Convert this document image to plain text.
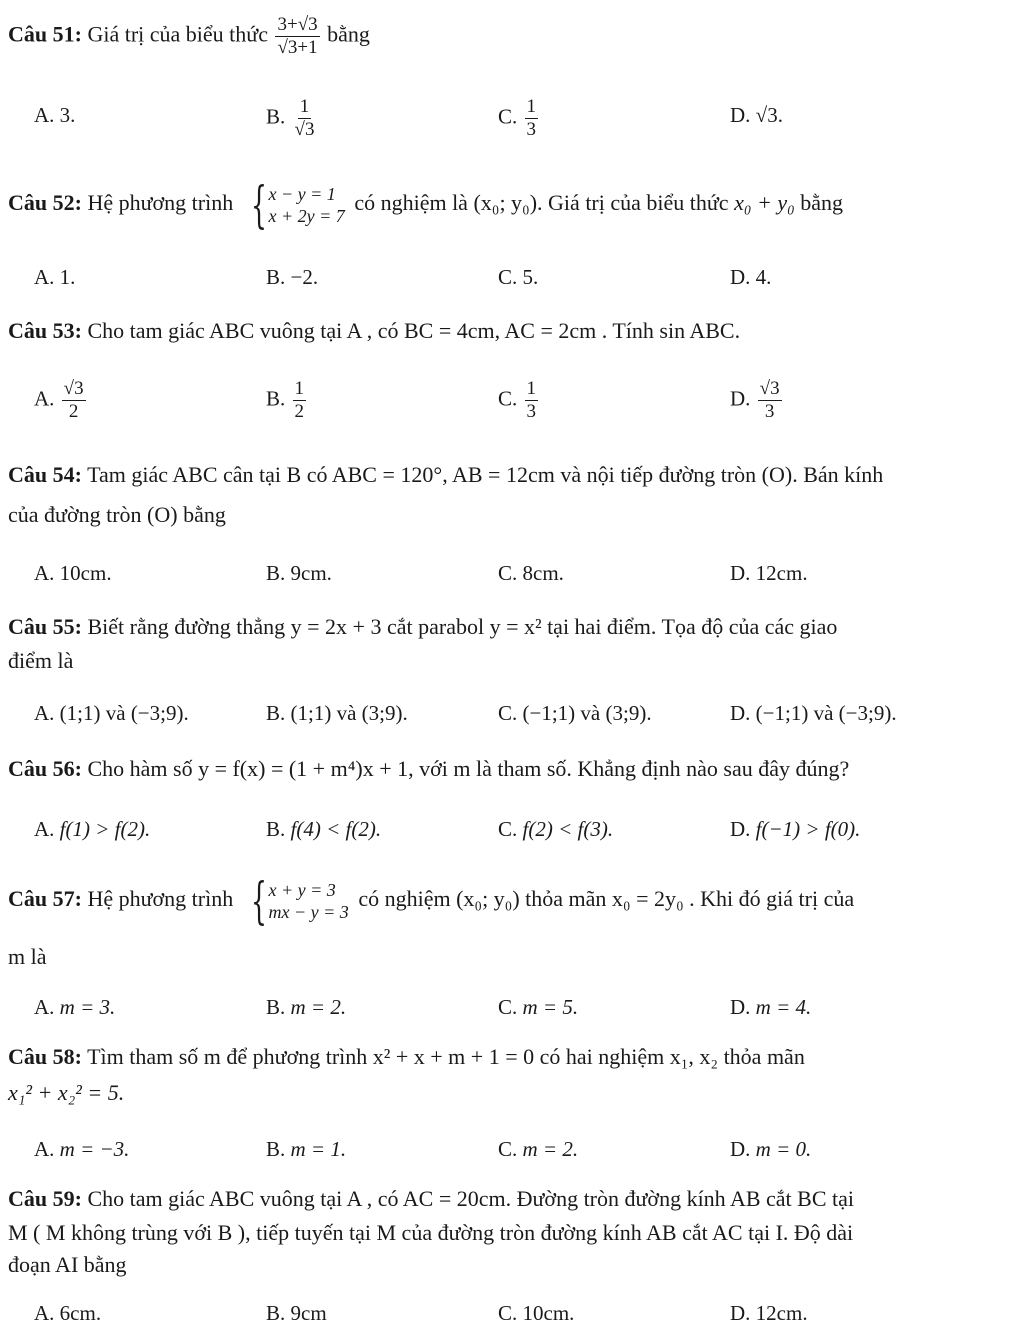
Câu 51: Giá trị của biểu thức $\frac{3+√3}{√3+1}$ bằng
A. 3.	B. $\frac{1}{√3}$	C. $\frac{1}{3}$	D. √3.
Câu 52: Hệ phương trình { x − y = 1
x + 2y = 7
có nghiệm là (x₀; y₀). Giá trị của biểu thức x₀ + y₀ bằng
A. 1.	B. −2.	C. 5.	D. 4.
Câu 53: Cho tam giác ABC vuông tại A , có BC = 4cm, AC = 2cm . Tính sin ABC.
A. $\frac{√3}{2}$	B. $\frac{1}{2}$	C. $\frac{1}{3}$	D. $\frac{√3}{3}$
Câu 54: Tam giác ABC cân tại B có ABC = 120°, AB = 12cm và nội tiếp đường tròn (O). Bán kính
của đường tròn (O) bằng
A. 10cm.	B. 9cm.	C. 8cm.	D. 12cm.
Câu 55: Biết rằng đường thẳng y = 2x + 3 cắt parabol y = x² tại hai điểm. Tọa độ của các giao
điểm là
A. (1;1) và (−3;9).	B. (1;1) và (3;9).	C. (−1;1) và (3;9).	D. (−1;1) và (−3;9).
Câu 56: Cho hàm số y = f(x) = (1 + m⁴)x + 1, với m là tham số. Khẳng định nào sau đây đúng?
A. f(1) > f(2).	B. f(4) < f(2).	C. f(2) < f(3).	D. f(−1) > f(0).
Câu 57: Hệ phương trình { x + y = 3
mx − y = 3
có nghiệm (x₀; y₀) thỏa mãn x₀ = 2y₀ . Khi đó giá trị của
m là
A. m = 3.	B. m = 2.	C. m = 5.	D. m = 4.
Câu 58: Tìm tham số m để phương trình x² + x + m + 1 = 0 có hai nghiệm x₁, x₂ thỏa mãn
x₁² + x₂² = 5.
A. m = −3.	B. m = 1.	C. m = 2.	D. m = 0.
Câu 59: Cho tam giác ABC vuông tại A , có AC = 20cm. Đường tròn đường kính AB cắt BC tại
M ( M không trùng với B ), tiếp tuyến tại M của đường tròn đường kính AB cắt AC tại I. Độ dài
đoạn AI bằng
A. 6cm.	B. 9cm	C. 10cm.	D. 12cm.
